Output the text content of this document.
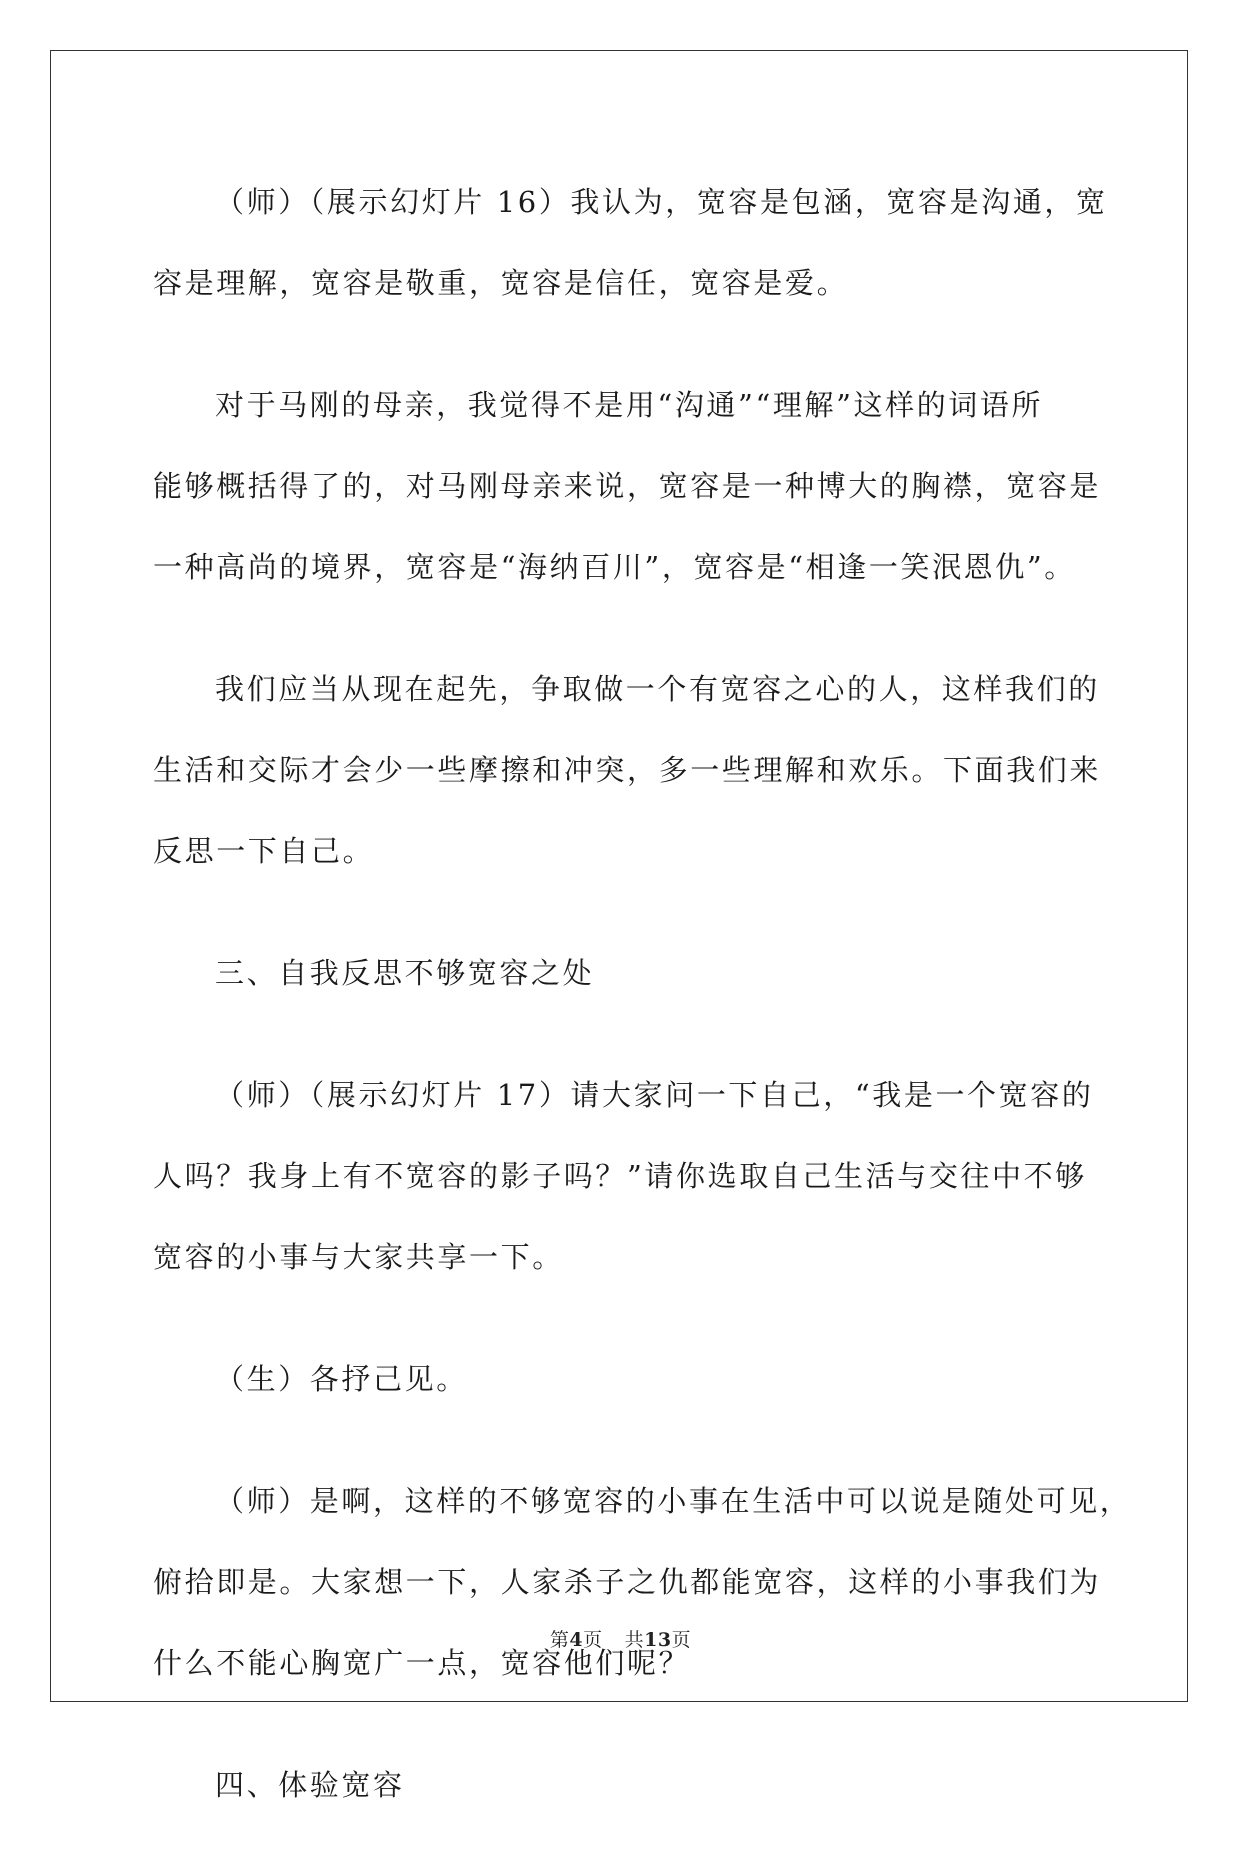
（师）（展示幻灯片 16）我认为，宽容是包涵，宽容是沟通，宽
容是理解，宽容是敬重，宽容是信任，宽容是爱。
对于马刚的母亲，我觉得不是用“沟通”“理解”这样的词语所
能够概括得了的，对马刚母亲来说，宽容是一种博大的胸襟，宽容是
一种高尚的境界，宽容是“海纳百川”，宽容是“相逢一笑泯恩仇”。
我们应当从现在起先，争取做一个有宽容之心的人，这样我们的
生活和交际才会少一些摩擦和冲突，多一些理解和欢乐。下面我们来
反思一下自己。
三、自我反思不够宽容之处
（师）（展示幻灯片 17）请大家问一下自己，“我是一个宽容的
人吗？我身上有不宽容的影子吗？”请你选取自己生活与交往中不够
宽容的小事与大家共享一下。
（生）各抒己见。
（师）是啊，这样的不够宽容的小事在生活中可以说是随处可见，
俯拾即是。大家想一下，人家杀子之仇都能宽容，这样的小事我们为
什么不能心胸宽广一点，宽容他们呢？
四、体验宽容
第4页 共13页
